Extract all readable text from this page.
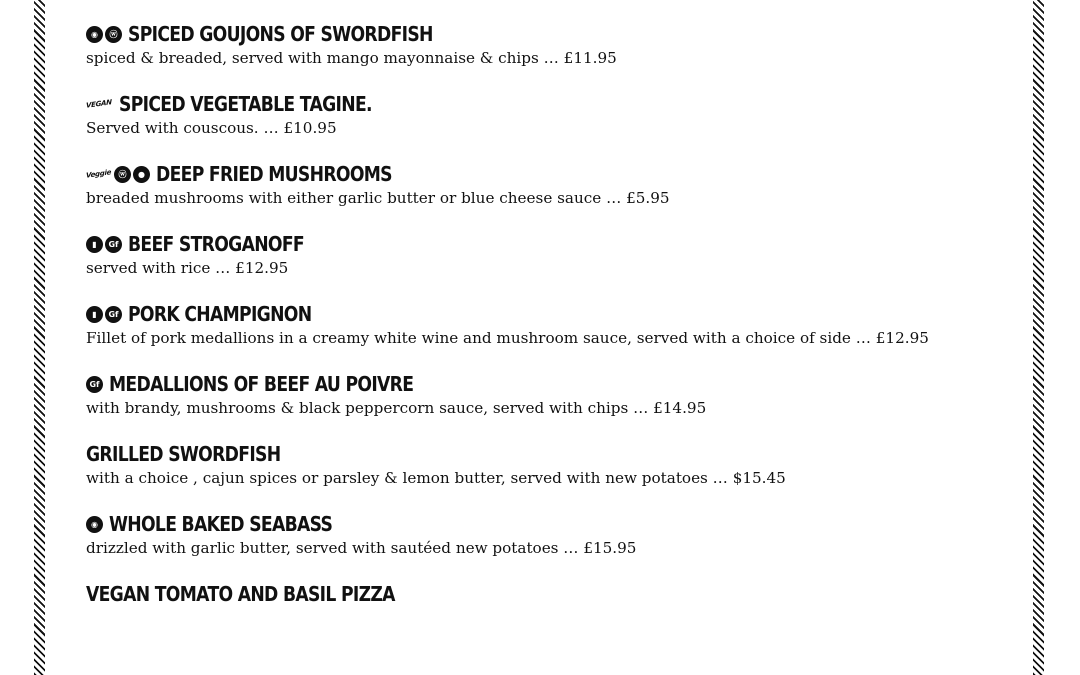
◉	ⓦ SPICED GOUJONS OF SWORDFISH
spiced & breaded, served with mango mayonnaise & chips … £11.95
VEGAN SPICED VEGETABLE TAGINE.
Served with couscous. … £10.95
Veggie ⓦ	● DEEP FRIED MUSHROOMS
breaded mushrooms with either garlic butter or blue cheese sauce … £5.95
▮	Gf BEEF STROGANOFF
served with rice … £12.95
▮	Gf PORK CHAMPIGNON
Fillet of pork medallions in a creamy white wine and mushroom sauce, served with a choice of side … £12.95
Gf MEDALLIONS OF BEEF AU POIVRE
with brandy, mushrooms & black peppercorn sauce, served with chips … £14.95
GRILLED SWORDFISH
with a choice , cajun spices or parsley & lemon butter, served with new potatoes … $15.45
◉ WHOLE BAKED SEABASS
drizzled with garlic butter, served with sautéed new potatoes … £15.95
VEGAN TOMATO AND BASIL PIZZA
